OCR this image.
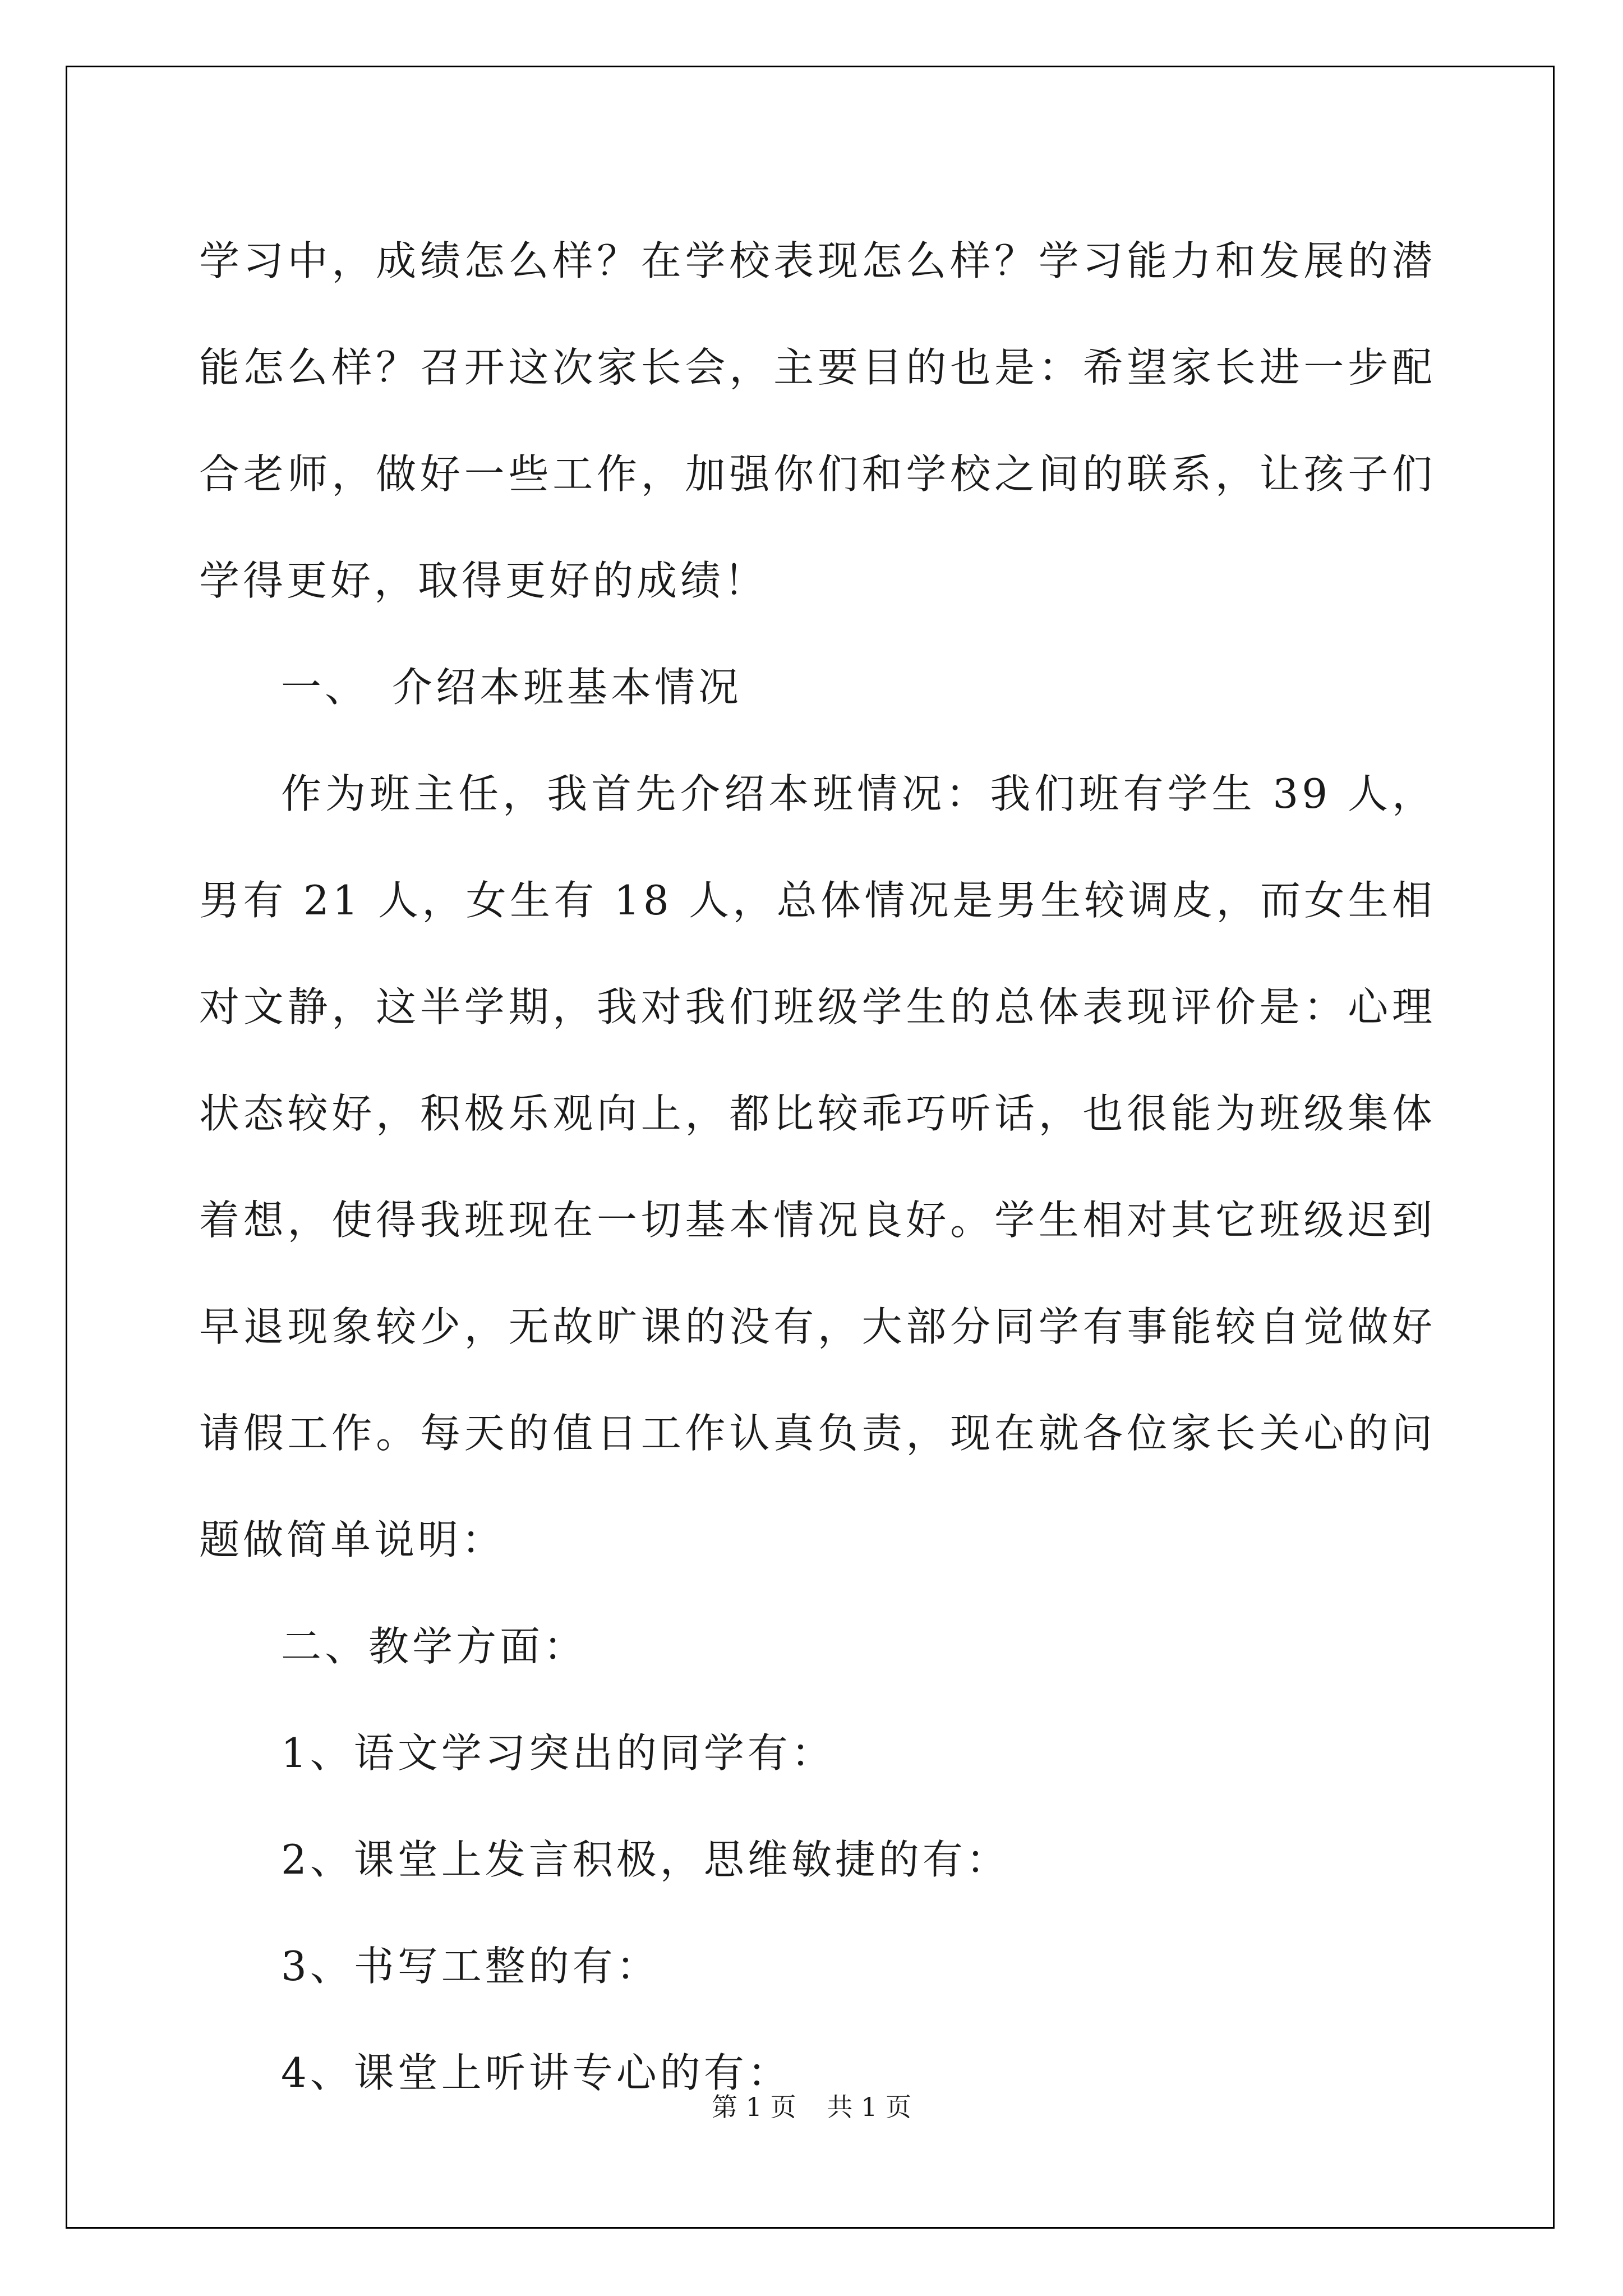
学习中，成绩怎么样？在学校表现怎么样？学习能力和发展的潜能怎么样？召开这次家长会，主要目的也是：希望家长进一步配合老师，做好一些工作，加强你们和学校之间的联系，让孩子们学得更好，取得更好的成绩！

一、　介绍本班基本情况

作为班主任，我首先介绍本班情况：我们班有学生 39 人，男有 21 人，女生有 18 人，总体情况是男生较调皮，而女生相对文静，这半学期，我对我们班级学生的总体表现评价是：心理状态较好，积极乐观向上，都比较乖巧听话，也很能为班级集体着想，使得我班现在一切基本情况良好。学生相对其它班级迟到早退现象较少，无故旷课的没有，大部分同学有事能较自觉做好请假工作。每天的值日工作认真负责，现在就各位家长关心的问题做简单说明：

二、教学方面：

1、语文学习突出的同学有：

2、课堂上发言积极，思维敏捷的有：

3、书写工整的有：

4、课堂上听讲专心的有：

第 1 页 共 1 页
